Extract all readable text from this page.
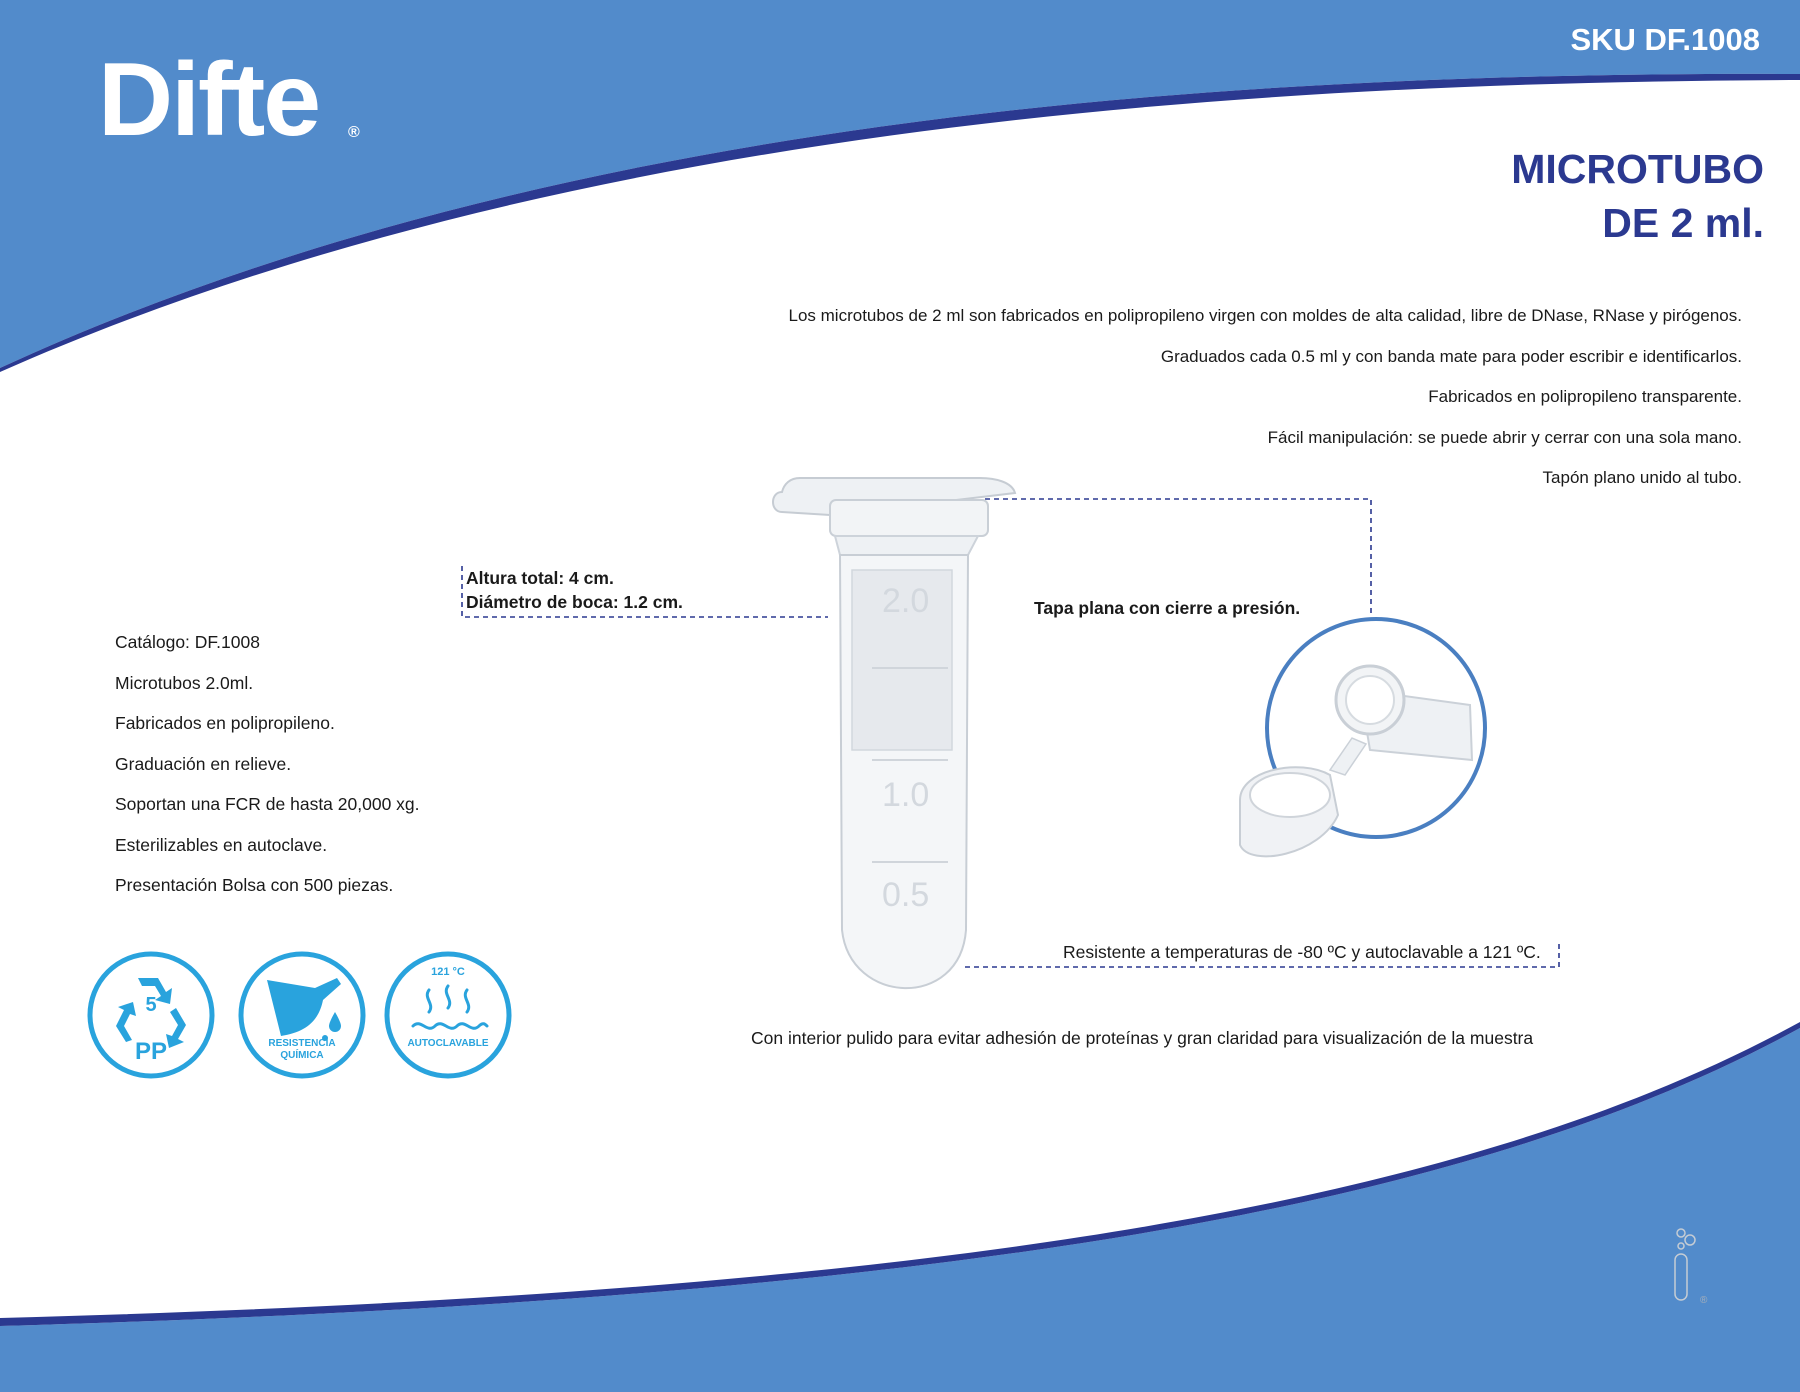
2.0
1.0
0.5
®
Difte ®
SKU DF.1008
MICROTUBO
DE 2 ml.
Los microtubos de 2 ml son fabricados en polipropileno virgen con moldes de alta calidad, libre de DNase, RNase y pirógenos.
Graduados cada 0.5 ml y con banda mate para poder escribir e identificarlos.
Fabricados en polipropileno transparente.
Fácil manipulación: se puede abrir y cerrar con una sola mano.
Tapón plano unido al tubo.
Catálogo: DF.1008
Microtubos 2.0ml.
Fabricados en polipropileno.
Graduación en relieve.
Soportan una FCR de hasta 20,000 xg.
Esterilizables en autoclave.
Presentación Bolsa con 500 piezas.
Altura total: 4 cm.
Diámetro de boca: 1.2 cm.	Tapa plana con cierre a presión.
Resistente a temperaturas de -80 ºC y autoclavable a 121 ºC.
Con interior pulido para evitar adhesión de proteínas y gran claridad para visualización de la muestra
5
PP	RESISTENCIA
QUÍMICA
121 °C
AUTOCLAVABLE
